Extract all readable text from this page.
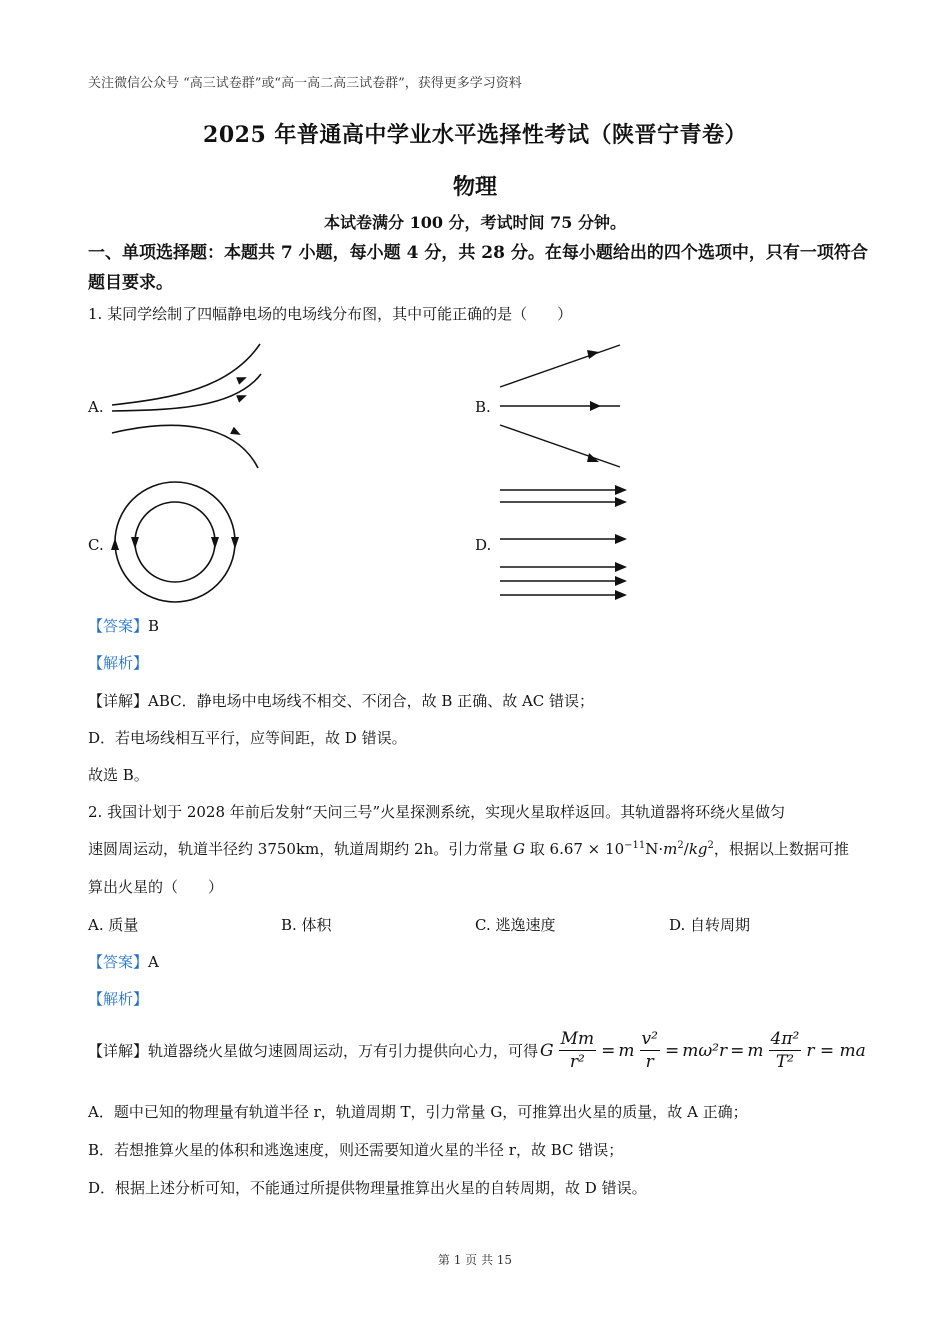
关注微信公众号 “高三试卷群”或“高一高二高三试卷群”，获得更多学习资料
2025 年普通高中学业水平选择性考试（陕晋宁青卷）
物理
本试卷满分 100 分，考试时间 75 分钟。
一、单项选择题：本题共 7 小题，每小题 4 分，共 28 分。在每小题给出的四个选项中，只有一项符合题目要求。
1. 某同学绘制了四幅静电场的电场线分布图，其中可能正确的是（　　）
A.	B.
C.	D.
【答案】B
【解析】
【详解】ABC．静电场中电场线不相交、不闭合，故 B 正确、故 AC 错误；
D．若电场线相互平行，应等间距，故 D 错误。
故选 B。
2. 我国计划于 2028 年前后发射“天问三号”火星探测系统，实现火星取样返回。其轨道器将环绕火星做匀
速圆周运动，轨道半径约 3750km，轨道周期约 2h。引力常量 G 取 $6.67 \times 10^{-11}N\cdot m^2/kg^2$，根据以上数据可推
算出火星的（　　）
A. 质量	B. 体积	C. 逃逸速度	D. 自转周期
【答案】A
【解析】
【详解】 轨道器绕火星做匀速圆周运动，万有引力提供向心力，可得 G $\frac{Mm}{\text{r²}} = m \frac{\text{v²}}{r} = m\omega^2r = m \frac{\text{4π²}}{\text{T²}}$ r = ma
A．题中已知的物理量有轨道半径 r，轨道周期 T，引力常量 G，可推算出火星的质量，故 A 正确；
B．若想推算火星的体积和逃逸速度，则还需要知道火星的半径 r，故 BC 错误；
D．根据上述分析可知，不能通过所提供物理量推算出火星的自转周期，故 D 错误。
第 1 页 共 15
